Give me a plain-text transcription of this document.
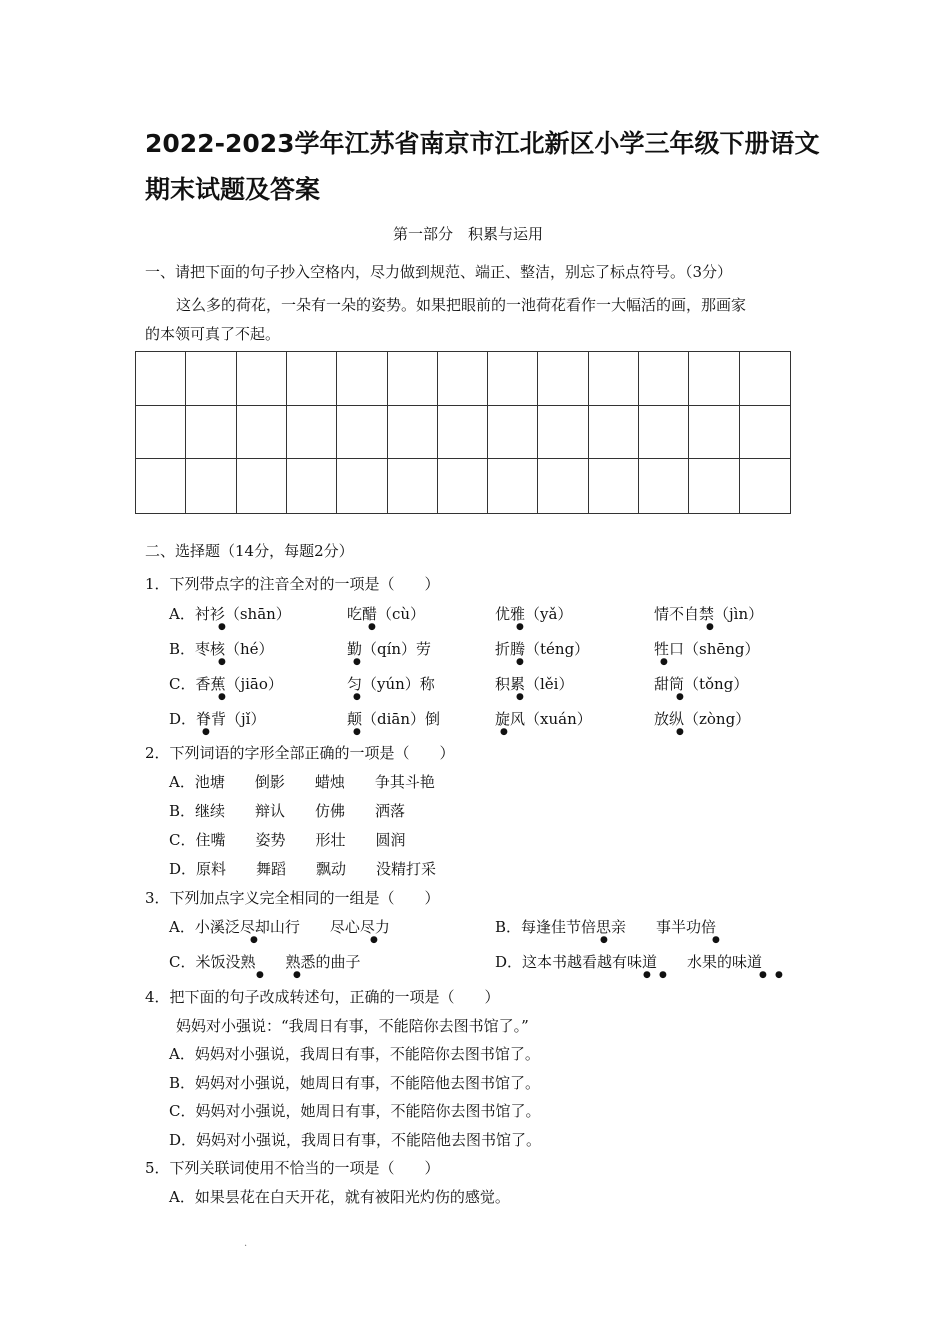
2022-2023学年江苏省南京市江北新区小学三年级下册语文
期末试题及答案
第一部分　积累与运用
一、请把下面的句子抄入空格内，尽力做到规范、端正、整洁，别忘了标点符号。（3分）
这么多的荷花，一朵有一朵的姿势。如果把眼前的一池荷花看作一大幅活的画，那画家
的本领可真了不起。
二、选择题（14分，每题2分）
1．下列带点字的注音全对的一项是（　　）
A．衬衫（shān）	吃醋（cù）	优雅（yǎ）	情不自禁（jìn）
B．枣核（hé）	勤（qín）劳	折腾（téng）	牲口（shēng）
C．香蕉（jiāo）	匀（yún）称	积累（lěi）	甜筒（tǒng）
D．脊背（jǐ）	颠（diān）倒	旋风（xuán）	放纵（zòng）
●	●	●	●
●	●	●	●
●	●	●	●
●	●	●	●
2．下列词语的字形全部正确的一项是（　　）
A．池塘　　倒影　　蜡烛　　争其斗艳
B．继续　　辩认　　仿佛　　洒落
C．住嘴　　姿势　　形壮　　圆润
D．原料　　舞蹈　　飘动　　没精打采
3．下列加点字义完全相同的一组是（　　）
A．小溪泛尽却山行　　尽心尽力	B．每逢佳节倍思亲　　事半功倍
C．米饭没熟　　熟悉的曲子	D．这本书越看越有味道　　水果的味道
●	●	●	●
●	●	● ●	● ●
4．把下面的句子改成转述句，正确的一项是（　　）
妈妈对小强说：“我周日有事，不能陪你去图书馆了。”
A．妈妈对小强说，我周日有事，不能陪你去图书馆了。
B．妈妈对小强说，她周日有事，不能陪他去图书馆了。
C．妈妈对小强说，她周日有事，不能陪你去图书馆了。
D．妈妈对小强说，我周日有事，不能陪他去图书馆了。
5．下列关联词使用不恰当的一项是（　　）
A．如果昙花在白天开花，就有被阳光灼伤的感觉。
.
